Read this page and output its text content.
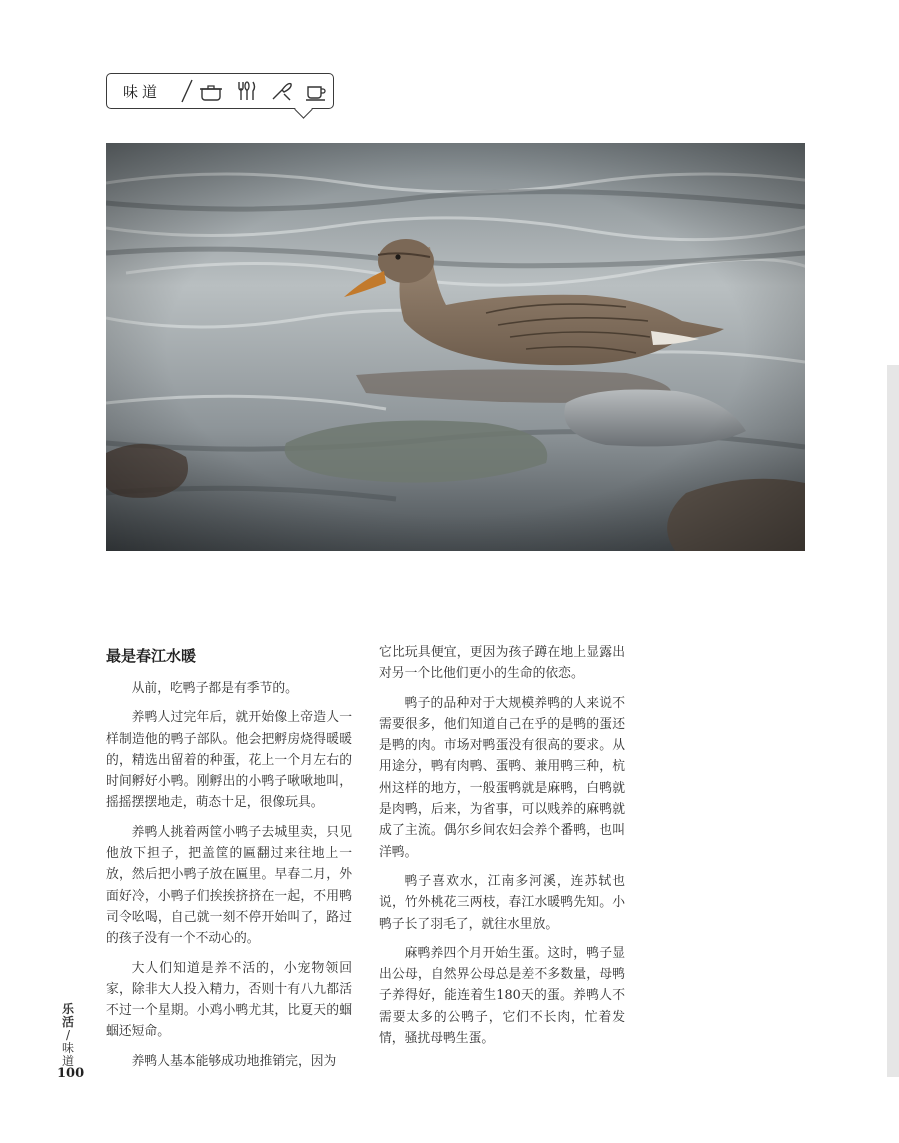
味道
最是春江水暖

从前，吃鸭子都是有季节的。

养鸭人过完年后，就开始像上帝造人一样制造他的鸭子部队。他会把孵房烧得暖暖的，精选出留着的种蛋，花上一个月左右的时间孵好小鸭。刚孵出的小鸭子啾啾地叫，摇摇摆摆地走，萌态十足，很像玩具。

养鸭人挑着两筐小鸭子去城里卖，只见他放下担子，把盖筐的匾翻过来往地上一放，然后把小鸭子放在匾里。早春二月，外面好冷，小鸭子们挨挨挤挤在一起，不用鸭司令吆喝，自己就一刻不停开始叫了，路过的孩子没有一个不动心的。

大人们知道是养不活的，小宠物领回家，除非大人投入精力，否则十有八九都活不过一个星期。小鸡小鸭尤其，比夏天的蝈蝈还短命。

养鸭人基本能够成功地推销完，因为

它比玩具便宜，更因为孩子蹲在地上显露出对另一个比他们更小的生命的依恋。

鸭子的品种对于大规模养鸭的人来说不需要很多，他们知道自己在乎的是鸭的蛋还是鸭的肉。市场对鸭蛋没有很高的要求。从用途分，鸭有肉鸭、蛋鸭、兼用鸭三种，杭州这样的地方，一般蛋鸭就是麻鸭，白鸭就是肉鸭，后来，为省事，可以贱养的麻鸭就成了主流。偶尔乡间农妇会养个番鸭，也叫洋鸭。

鸭子喜欢水，江南多河溪，连苏轼也说，竹外桃花三两枝，春江水暖鸭先知。小鸭子长了羽毛了，就往水里放。

麻鸭养四个月开始生蛋。这时，鸭子显出公母，自然界公母总是差不多数量，母鸭子养得好，能连着生180天的蛋。养鸭人不需要太多的公鸭子，它们不长肉，忙着发情，骚扰母鸭生蛋。

乐活
/
味道
100
